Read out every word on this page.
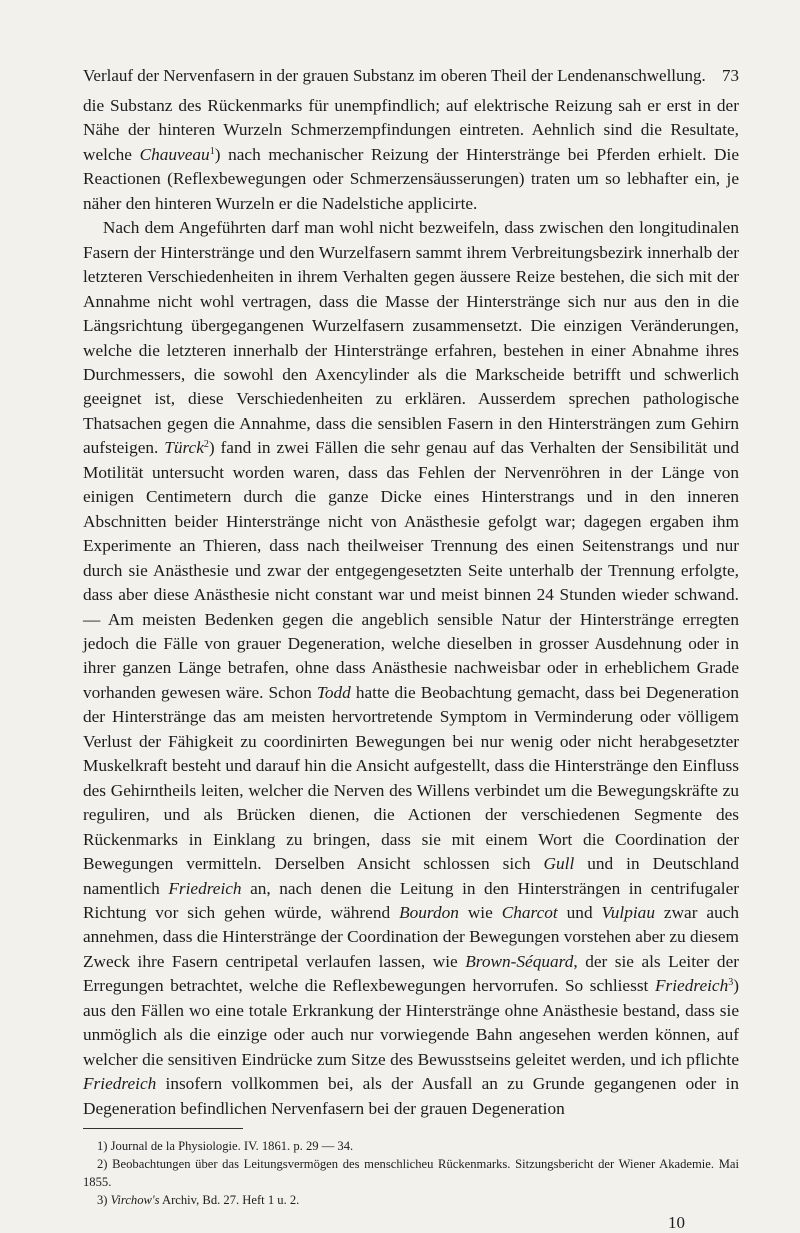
Verlauf der Nervenfasern in der grauen Substanz im oberen Theil der Lendenanschwellung. 73

die Substanz des Rückenmarks für unempfindlich; auf elektrische Reizung sah er erst in der Nähe der hinteren Wurzeln Schmerzempfindungen eintreten. Aehnlich sind die Resultate, welche Chauveau$^1$) nach mechanischer Reizung der Hinterstränge bei Pferden erhielt. Die Reactionen (Reflexbewegungen oder Schmerzensäusserungen) traten um so lebhafter ein, je näher den hinteren Wurzeln er die Nadelstiche applicirte.

Nach dem Angeführten darf man wohl nicht bezweifeln, dass zwischen den longitudinalen Fasern der Hinterstränge und den Wurzelfasern sammt ihrem Verbreitungsbezirk innerhalb der letzteren Verschiedenheiten in ihrem Verhalten gegen äussere Reize bestehen, die sich mit der Annahme nicht wohl vertragen, dass die Masse der Hinterstränge sich nur aus den in die Längsrichtung übergegangenen Wurzelfasern zusammensetzt. Die einzigen Veränderungen, welche die letzteren innerhalb der Hinterstränge erfahren, bestehen in einer Abnahme ihres Durchmessers, die sowohl den Axencylinder als die Markscheide betrifft und schwerlich geeignet ist, diese Verschiedenheiten zu erklären. Ausserdem sprechen pathologische Thatsachen gegen die Annahme, dass die sensiblen Fasern in den Hintersträngen zum Gehirn aufsteigen. Türck$^2$) fand in zwei Fällen die sehr genau auf das Verhalten der Sensibilität und Motilität untersucht worden waren, dass das Fehlen der Nervenröhren in der Länge von einigen Centimetern durch die ganze Dicke eines Hinterstrangs und in den inneren Abschnitten beider Hinterstränge nicht von Anästhesie gefolgt war; dagegen ergaben ihm Experimente an Thieren, dass nach theilweiser Trennung des einen Seitenstrangs und nur durch sie Anästhesie und zwar der entgegengesetzten Seite unterhalb der Trennung erfolgte, dass aber diese Anästhesie nicht constant war und meist binnen 24 Stunden wieder schwand. — Am meisten Bedenken gegen die angeblich sensible Natur der Hinterstränge erregten jedoch die Fälle von grauer Degeneration, welche dieselben in grosser Ausdehnung oder in ihrer ganzen Länge betrafen, ohne dass Anästhesie nachweisbar oder in erheblichem Grade vorhanden gewesen wäre. Schon Todd hatte die Beobachtung gemacht, dass bei Degeneration der Hinterstränge das am meisten hervortretende Symptom in Verminderung oder völligem Verlust der Fähigkeit zu coordinirten Bewegungen bei nur wenig oder nicht herabgesetzter Muskelkraft besteht und darauf hin die Ansicht aufgestellt, dass die Hinterstränge den Einfluss des Gehirntheils leiten, welcher die Nerven des Willens verbindet um die Bewegungskräfte zu reguliren, und als Brücken dienen, die Actionen der verschiedenen Segmente des Rückenmarks in Einklang zu bringen, dass sie mit einem Wort die Coordination der Bewegungen vermitteln. Derselben Ansicht schlossen sich Gull und in Deutschland namentlich Friedreich an, nach denen die Leitung in den Hintersträngen in centrifugaler Richtung vor sich gehen würde, während Bourdon wie Charcot und Vulpiau zwar auch annehmen, dass die Hinterstränge der Coordination der Bewegungen vorstehen aber zu diesem Zweck ihre Fasern centripetal verlaufen lassen, wie Brown-Séquard, der sie als Leiter der Erregungen betrachtet, welche die Reflexbewegungen hervorrufen. So schliesst Friedreich$^3$) aus den Fällen wo eine totale Erkrankung der Hinterstränge ohne Anästhesie bestand, dass sie unmöglich als die einzige oder auch nur vorwiegende Bahn angesehen werden können, auf welcher die sensitiven Eindrücke zum Sitze des Bewusstseins geleitet werden, und ich pflichte Friedreich insofern vollkommen bei, als der Ausfall an zu Grunde gegangenen oder in Degeneration befindlichen Nervenfasern bei der grauen Degeneration

1) Journal de la Physiologie. IV. 1861. p. 29 — 34.
2) Beobachtungen über das Leitungsvermögen des menschlicheu Rückenmarks. Sitzungsbericht der Wiener Akademie. Mai 1855.
3) Virchow's Archiv, Bd. 27. Heft 1 u. 2.
10
